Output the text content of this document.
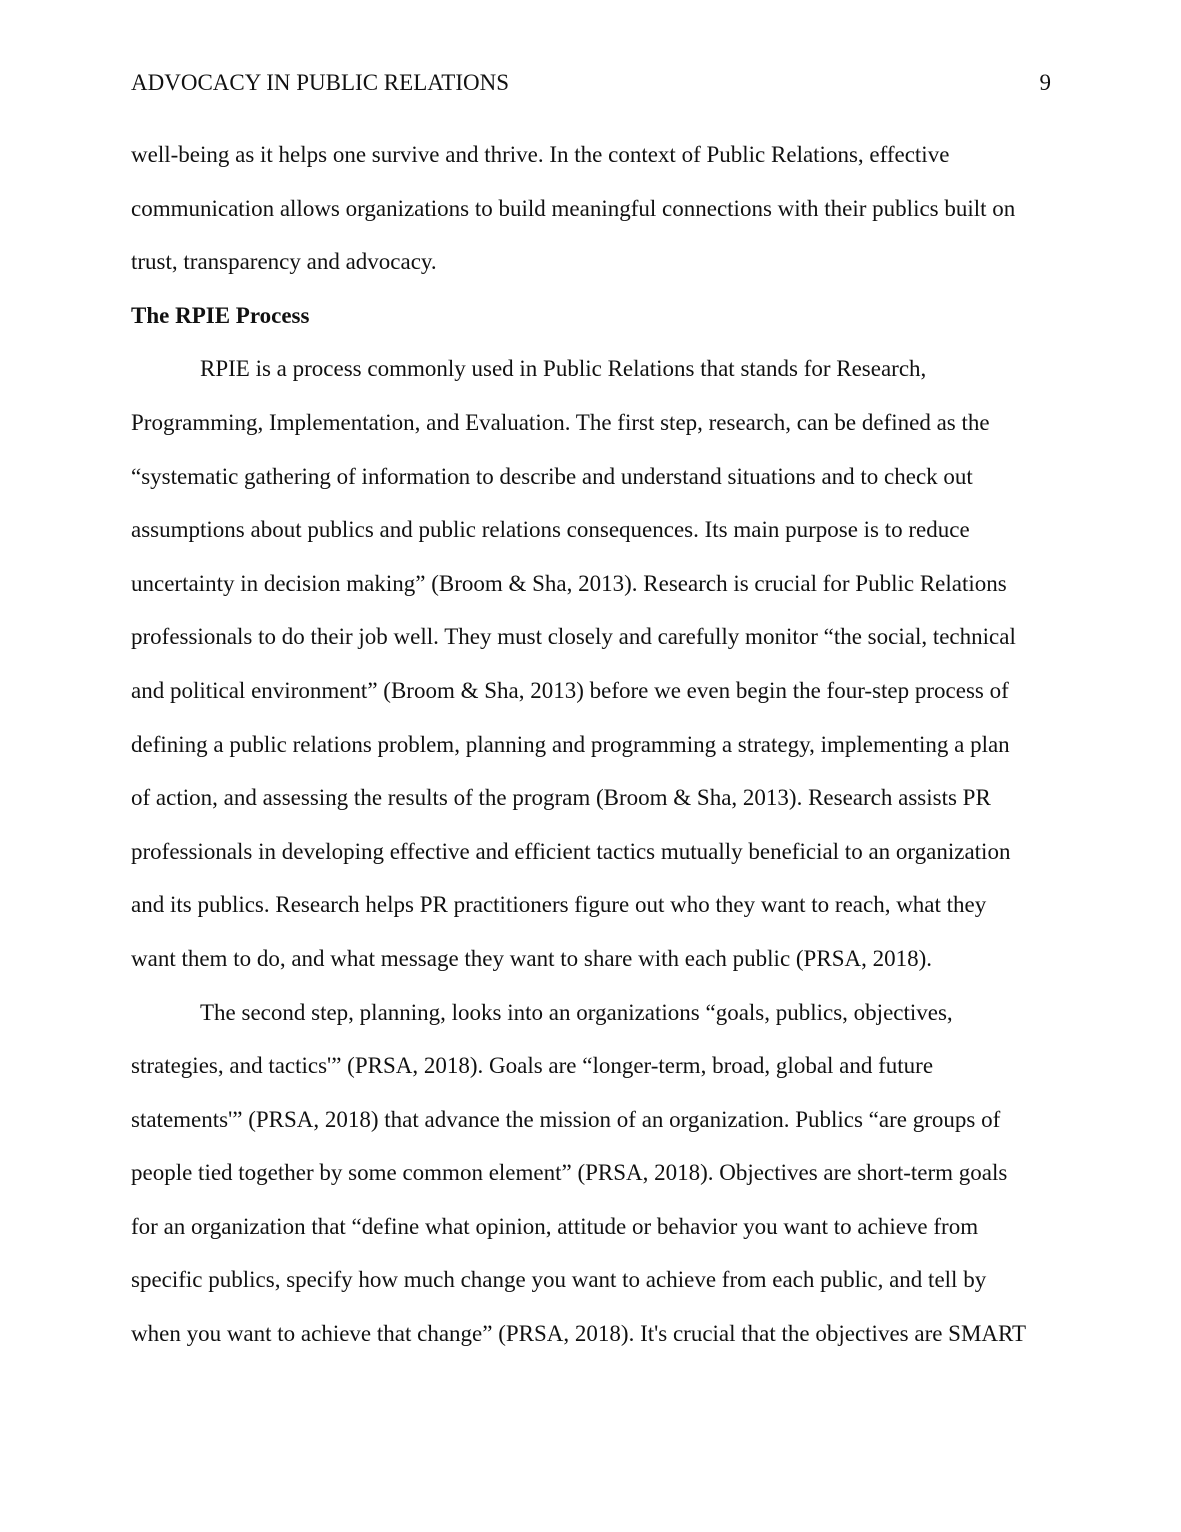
ADVOCACY IN PUBLIC RELATIONS	9
well-being as it helps one survive and thrive. In the context of Public Relations, effective
communication allows organizations to build meaningful connections with their publics built on
trust, transparency and advocacy.
The RPIE Process
RPIE is a process commonly used in Public Relations that stands for Research,
Programming, Implementation, and Evaluation. The first step, research, can be defined as the
“systematic gathering of information to describe and understand situations and to check out
assumptions about publics and public relations consequences. Its main purpose is to reduce
uncertainty in decision making” (Broom & Sha, 2013). Research is crucial for Public Relations
professionals to do their job well. They must closely and carefully monitor “the social, technical
and political environment” (Broom & Sha, 2013) before we even begin the four-step process of
defining a public relations problem, planning and programming a strategy, implementing a plan
of action, and assessing the results of the program (Broom & Sha, 2013). Research assists PR
professionals in developing effective and efficient tactics mutually beneficial to an organization
and its publics. Research helps PR practitioners figure out who they want to reach, what they
want them to do, and what message they want to share with each public (PRSA, 2018).
The second step, planning, looks into an organizations “goals, publics, objectives,
strategies, and tactics'” (PRSA, 2018). Goals are “longer-term, broad, global and future
statements'” (PRSA, 2018) that advance the mission of an organization. Publics “are groups of
people tied together by some common element” (PRSA, 2018). Objectives are short-term goals
for an organization that “define what opinion, attitude or behavior you want to achieve from
specific publics, specify how much change you want to achieve from each public, and tell by
when you want to achieve that change” (PRSA, 2018). It's crucial that the objectives are SMART
